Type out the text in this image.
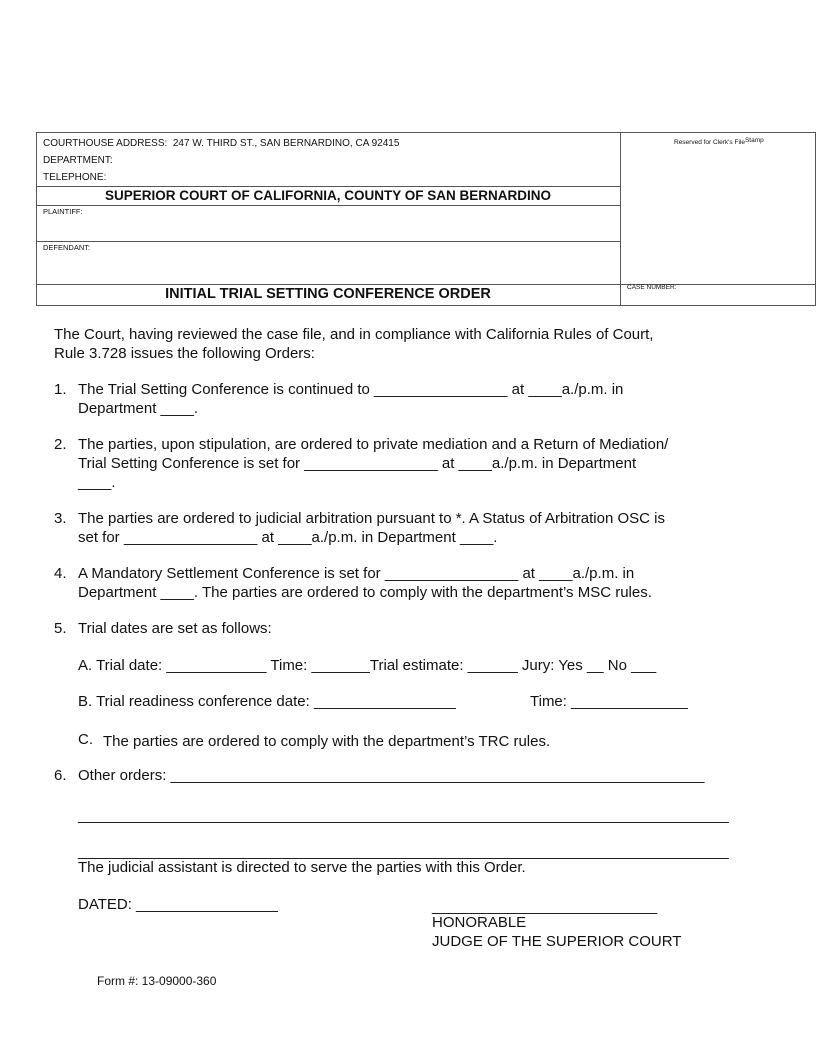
COURTHOUSE ADDRESS: 247 W. THIRD ST., SAN BERNARDINO, CA 92415
DEPARTMENT:
TELEPHONE:
SUPERIOR COURT OF CALIFORNIA, COUNTY OF SAN BERNARDINO
PLAINTIFF:
DEFENDANT:
INITIAL TRIAL SETTING CONFERENCE ORDER
Reserved for Clerk's FileStamp
CASE NUMBER:
The Court, having reviewed the case file, and in compliance with California Rules of Court,
Rule 3.728 issues the following Orders:
1. The Trial Setting Conference is continued to ________________ at ____a./p.m. in
Department ____.
2. The parties, upon stipulation, are ordered to private mediation and a Return of Mediation/
Trial Setting Conference is set for ________________ at ____a./p.m. in Department
____.
3. The parties are ordered to judicial arbitration pursuant to *. A Status of Arbitration OSC is
set for ________________ at ____a./p.m. in Department ____.
4. A Mandatory Settlement Conference is set for ________________ at ____a./p.m. in
Department ____. The parties are ordered to comply with the department’s MSC rules.
5. Trial dates are set as follows:
A. Trial date: ____________ Time: _______Trial estimate: ______ Jury: Yes __ No ___
B. Trial readiness conference date: _________________	Time: ______________
C. The parties are ordered to comply with the department’s TRC rules.
6. Other orders: ________________________________________________________________
______________________________________________________________________________
______________________________________________________________________________
The judicial assistant is directed to serve the parties with this Order.
DATED: _________________	___________________________
HONORABLE
JUDGE OF THE SUPERIOR COURT
Form #: 13-09000-360
